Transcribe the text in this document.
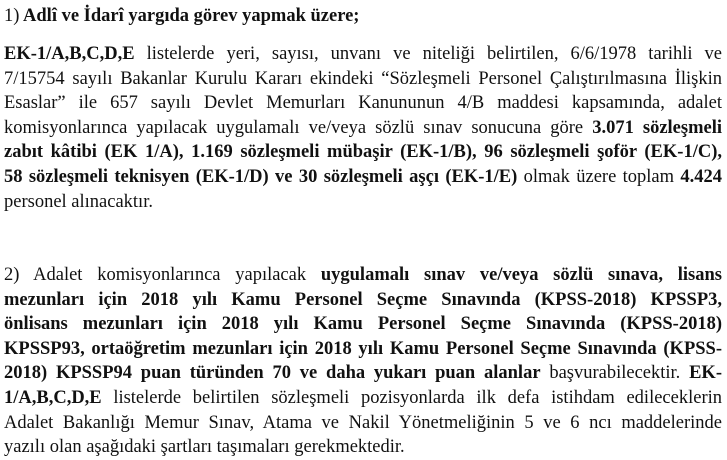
1) Adlî ve İdarî yargıda görev yapmak üzere;
EK-1/A,B,C,D,E listelerde yeri, sayısı, unvanı ve niteliği belirtilen, 6/6/1978 tarihli ve
7/15754 sayılı Bakanlar Kurulu Kararı ekindeki “Sözleşmeli Personel Çalıştırılmasına İlişkin
Esaslar” ile 657 sayılı Devlet Memurları Kanununun 4/B maddesi kapsamında, adalet
komisyonlarınca yapılacak uygulamalı ve/veya sözlü sınav sonucuna göre 3.071 sözleşmeli
zabıt kâtibi (EK 1/A), 1.169 sözleşmeli mübaşir (EK-1/B), 96 sözleşmeli şoför (EK-1/C),
58 sözleşmeli teknisyen (EK-1/D) ve 30 sözleşmeli aşçı (EK-1/E) olmak üzere toplam 4.424
personel alınacaktır.
2) Adalet komisyonlarınca yapılacak uygulamalı sınav ve/veya sözlü sınava, lisans
mezunları için 2018 yılı Kamu Personel Seçme Sınavında (KPSS-2018) KPSSP3,
önlisans mezunları için 2018 yılı Kamu Personel Seçme Sınavında (KPSS-2018)
KPSSP93, ortaöğretim mezunları için 2018 yılı Kamu Personel Seçme Sınavında (KPSS-
2018) KPSSP94 puan türünden 70 ve daha yukarı puan alanlar başvurabilecektir. EK-
1/A,B,C,D,E listelerde belirtilen sözleşmeli pozisyonlarda ilk defa istihdam edileceklerin
Adalet Bakanlığı Memur Sınav, Atama ve Nakil Yönetmeliğinin 5 ve 6 ncı maddelerinde
yazılı olan aşağıdaki şartları taşımaları gerekmektedir.
